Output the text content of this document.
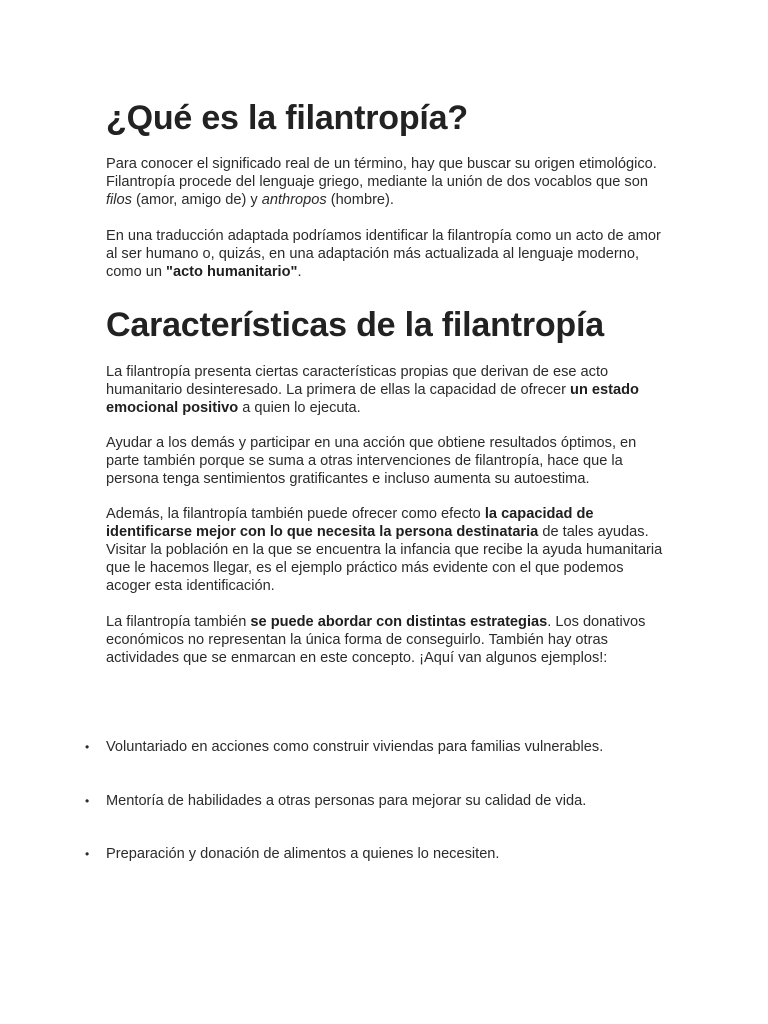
¿Qué es la filantropía?

Para conocer el significado real de un término, hay que buscar su origen etimológico. Filantropía procede del lenguaje griego, mediante la unión de dos vocablos que son filos (amor, amigo de) y anthropos (hombre).

En una traducción adaptada podríamos identificar la filantropía como un acto de amor al ser humano o, quizás, en una adaptación más actualizada al lenguaje moderno, como un "acto humanitario".

Características de la filantropía

La filantropía presenta ciertas características propias que derivan de ese acto humanitario desinteresado. La primera de ellas la capacidad de ofrecer un estado emocional positivo a quien lo ejecuta.

Ayudar a los demás y participar en una acción que obtiene resultados óptimos, en parte también porque se suma a otras intervenciones de filantropía, hace que la persona tenga sentimientos gratificantes e incluso aumenta su autoestima.

Además, la filantropía también puede ofrecer como efecto la capacidad de identificarse mejor con lo que necesita la persona destinataria de tales ayudas. Visitar la población en la que se encuentra la infancia que recibe la ayuda humanitaria que le hacemos llegar, es el ejemplo práctico más evidente con el que podemos acoger esta identificación.

La filantropía también se puede abordar con distintas estrategias. Los donativos económicos no representan la única forma de conseguirlo. También hay otras actividades que se enmarcan en este concepto. ¡Aquí van algunos ejemplos!:

• Voluntariado en acciones como construir viviendas para familias vulnerables.
• Mentoría de habilidades a otras personas para mejorar su calidad de vida.
• Preparación y donación de alimentos a quienes lo necesiten.
